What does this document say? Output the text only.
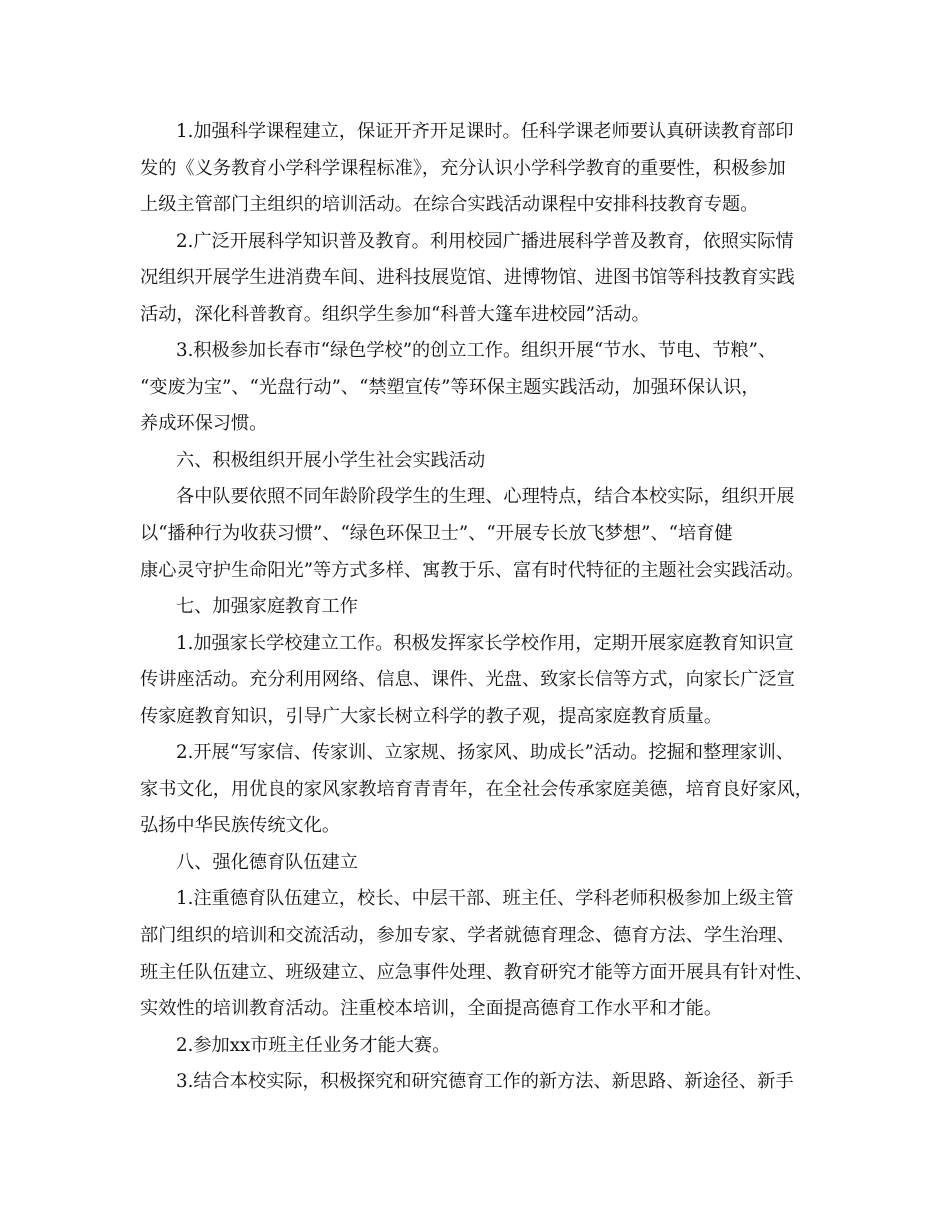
1.加强科学课程建立，保证开齐开足课时。任科学课老师要认真研读教育部印
发的《义务教育小学科学课程标准》，充分认识小学科学教育的重要性，积极参加
上级主管部门主组织的培训活动。在综合实践活动课程中安排科技教育专题。
2.广泛开展科学知识普及教育。利用校园广播进展科学普及教育，依照实际情
况组织开展学生进消费车间、进科技展览馆、进博物馆、进图书馆等科技教育实践
活动，深化科普教育。组织学生参加“科普大篷车进校园”活动。
3.积极参加长春市“绿色学校”的创立工作。组织开展“节水、节电、节粮”、
“变废为宝”、“光盘行动”、“禁塑宣传”等环保主题实践活动，加强环保认识，
养成环保习惯。
六、积极组织开展小学生社会实践活动
各中队要依照不同年龄阶段学生的生理、心理特点，结合本校实际，组织开展
以“播种行为收获习惯”、“绿色环保卫士”、“开展专长放飞梦想”、“培育健
康心灵守护生命阳光”等方式多样、寓教于乐、富有时代特征的主题社会实践活动。
七、加强家庭教育工作
1.加强家长学校建立工作。积极发挥家长学校作用，定期开展家庭教育知识宣
传讲座活动。充分利用网络、信息、课件、光盘、致家长信等方式，向家长广泛宣
传家庭教育知识，引导广大家长树立科学的教子观，提高家庭教育质量。
2.开展“写家信、传家训、立家规、扬家风、助成长”活动。挖掘和整理家训、
家书文化，用优良的家风家教培育青青年，在全社会传承家庭美德，培育良好家风，
弘扬中华民族传统文化。
八、强化德育队伍建立
1.注重德育队伍建立，校长、中层干部、班主任、学科老师积极参加上级主管
部门组织的培训和交流活动，参加专家、学者就德育理念、德育方法、学生治理、
班主任队伍建立、班级建立、应急事件处理、教育研究才能等方面开展具有针对性、
实效性的培训教育活动。注重校本培训，全面提高德育工作水平和才能。
2.参加xx市班主任业务才能大赛。
3.结合本校实际，积极探究和研究德育工作的新方法、新思路、新途径、新手
